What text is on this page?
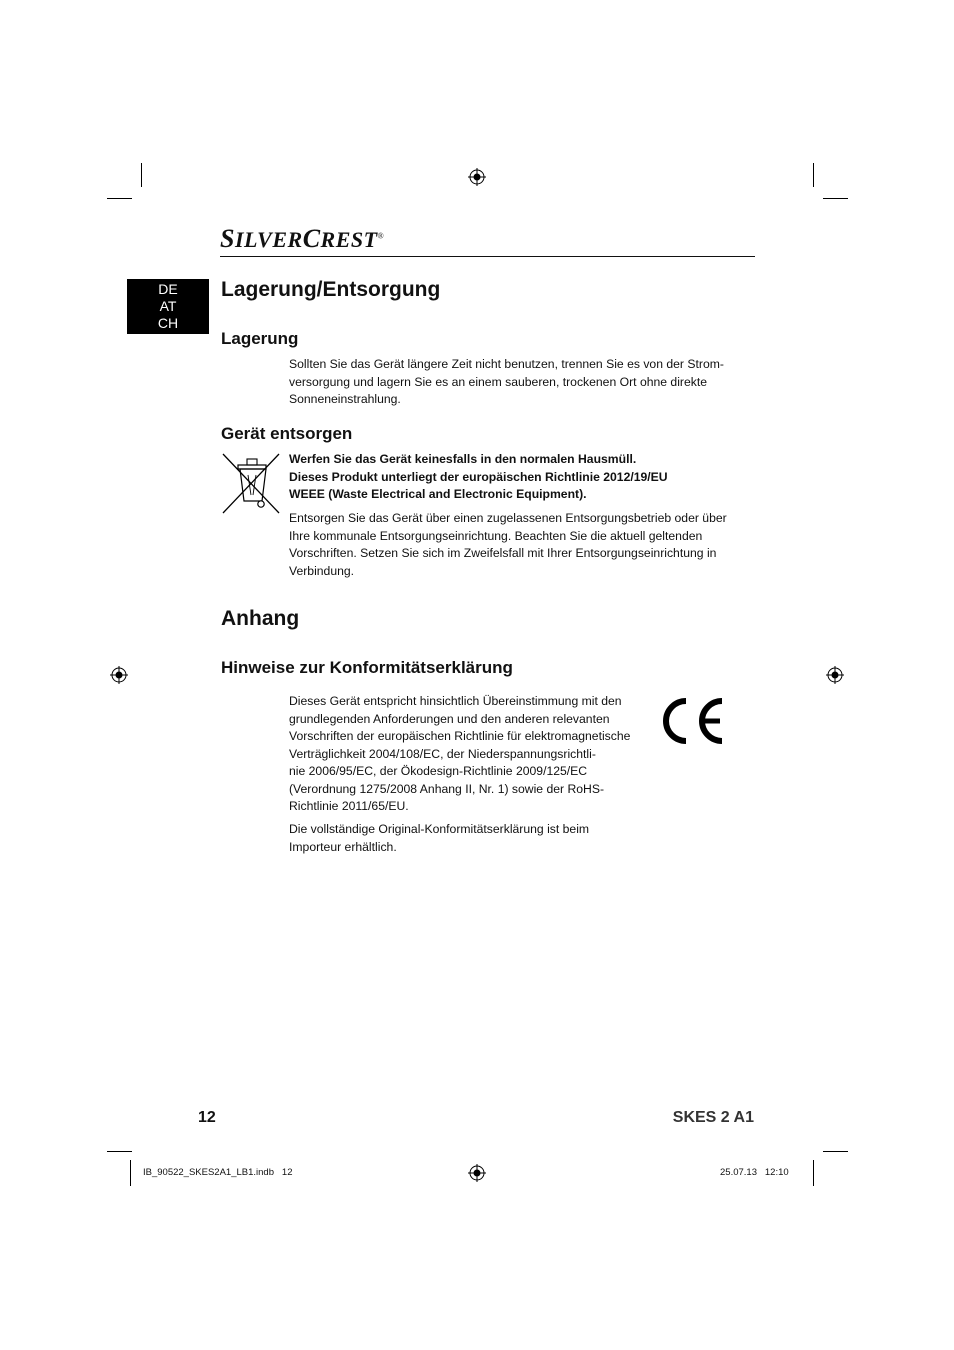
SILVERCREST®
DE
AT
CH
Lagerung/Entsorgung
Lagerung
Sollten Sie das Gerät längere Zeit nicht benutzen, trennen Sie es von der Strom-
versorgung und lagern Sie es an einem sauberen, trockenen Ort ohne direkte
Sonneneinstrahlung.
Gerät entsorgen
Werfen Sie das Gerät keinesfalls in den normalen Hausmüll.
Dieses Produkt unterliegt der europäischen Richtlinie 2012/19/EU
WEEE (Waste Electrical and Electronic Equipment).
Entsorgen Sie das Gerät über einen zugelassenen Entsorgungsbetrieb oder über
Ihre kommunale Entsorgungseinrichtung. Beachten Sie die aktuell geltenden
Vorschriften. Setzen Sie sich im Zweifelsfall mit Ihrer Entsorgungseinrichtung in
Verbindung.
Anhang
Hinweise zur Konformitätserklärung
Dieses Gerät entspricht hinsichtlich Übereinstimmung mit den
grundlegenden Anforderungen und den anderen relevanten
Vorschriften der europäischen Richtlinie für elektromagnetische
Verträglichkeit 2004/108/EC, der Niederspannungsrichtli-
nie 2006/95/EC, der Ökodesign-Richtlinie 2009/125/EC
(Verordnung 1275/2008 Anhang II, Nr. 1) sowie der RoHS-
Richtlinie 2011/65/EU.
Die vollständige Original-Konformitätserklärung ist beim
Importeur erhältlich.
12	SKES 2 A1
IB_90522_SKES2A1_LB1.indb   12	25.07.13   12:10
